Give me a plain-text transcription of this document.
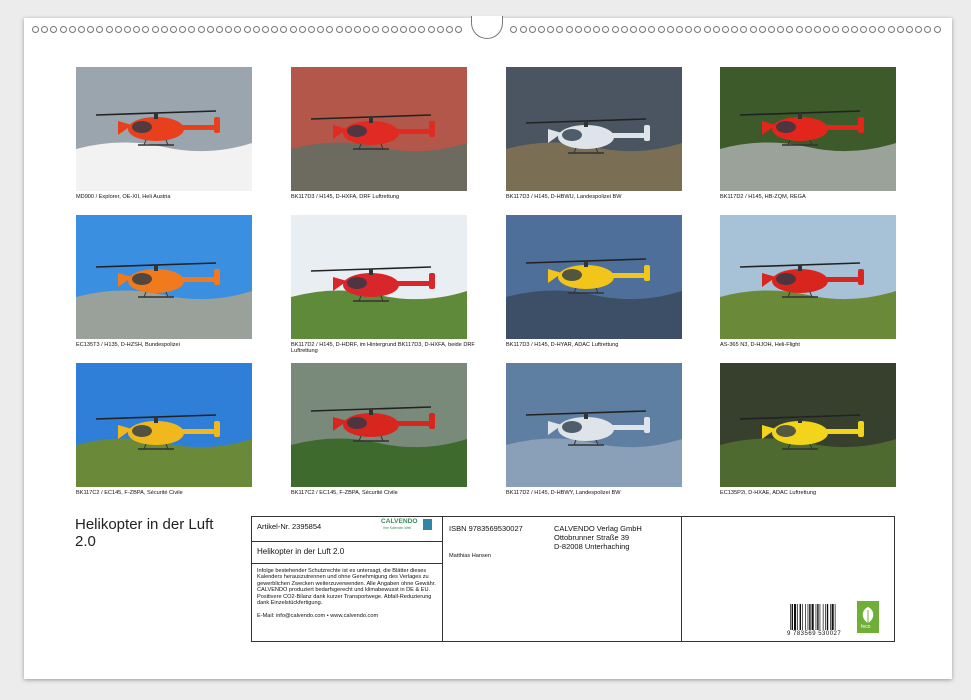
MD900 / Explorer, OE-XII, Heli Austria	BK117D3 / H145, D-HXFA, DRF Luftrettung	BK117D3 / H145, D-HBWU, Landespolizei BW	BK117D2 / H145, HB-ZQM, REGA
EC135T3 / H135, D-HZSH, Bundespolizei	BK117D2 / H145, D-HDRF, im Hintergrund BK117D3, D-HXFA, beide DRF Luftrettung
BK117D3 / H145, D-HYAR, ADAC Luftrettung	AS-365 N3, D-HJOH, Heli-Flight
BK117C2 / EC145, F-ZBPA, Sécurité Civile	BK117C2 / EC145, F-ZBPA, Sécurité Civile	BK117D2 / H145, D-HBWY, Landespolizei BW	EC135P2i, D-HXAE, ADAC Luftrettung
Helikopter in der Luft 2.0
Artikel-Nr. 2395854
CALVENDO
Ihre Kalender-Welt
Helikopter in der Luft 2.0
Infolge bestehender Schutzrechte ist es untersagt, die Blätter dieses Kalenders herauszutrennen und ohne Genehmigung des Verlages zu gewerblichen Zwecken weiterzuverwenden. Alle Angaben ohne Gewähr. CALVENDO produziert bedarfsgerecht und klimabewusst in DE & EU. Positivere CO2-Bilanz dank kurzer Transportwege. Abfall-Reduzierung dank Einzelstückfertigung.
E-Mail: info@calvendo.com • www.calvendo.com
ISBN 9783569530027
Matthias Hansen
CALVENDO Verlag GmbH
Ottobrunner Straße 39
D-82008 Unterhaching
9 783569 530027
feco
